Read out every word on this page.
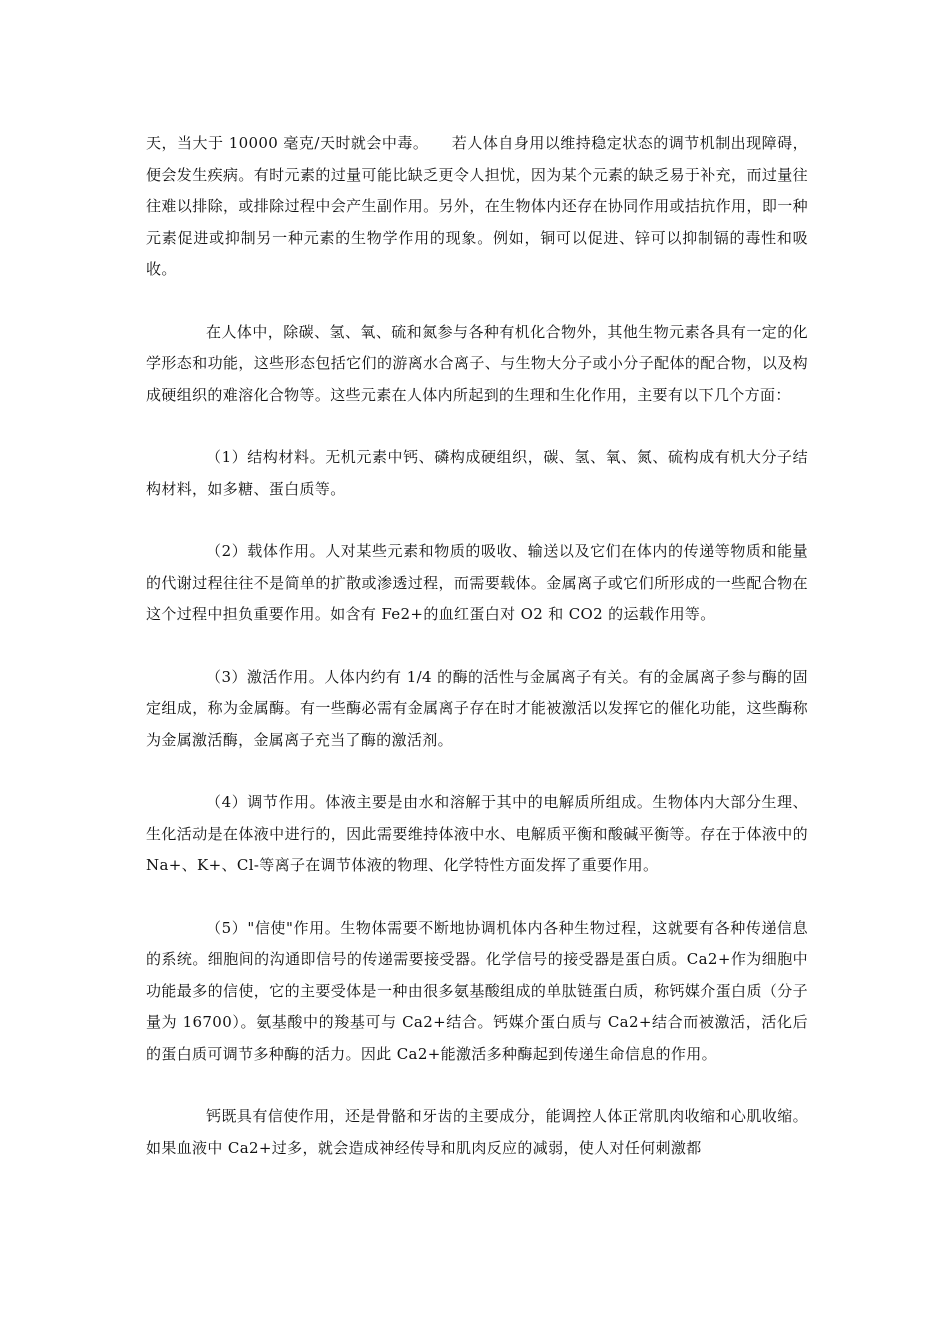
天，当大于 10000 毫克/天时就会中毒。　　若人体自身用以维持稳定状态的调节机制出现障碍，便会发生疾病。有时元素的过量可能比缺乏更令人担忧，因为某个元素的缺乏易于补充，而过量往往难以排除，或排除过程中会产生副作用。另外，在生物体内还存在协同作用或拮抗作用，即一种元素促进或抑制另一种元素的生物学作用的现象。例如，铜可以促进、锌可以抑制镉的毒性和吸收。

在人体中，除碳、氢、氧、硫和氮参与各种有机化合物外，其他生物元素各具有一定的化学形态和功能，这些形态包括它们的游离水合离子、与生物大分子或小分子配体的配合物，以及构成硬组织的难溶化合物等。这些元素在人体内所起到的生理和生化作用，主要有以下几个方面：

（1）结构材料。无机元素中钙、磷构成硬组织，碳、氢、氧、氮、硫构成有机大分子结构材料，如多糖、蛋白质等。

（2）载体作用。人对某些元素和物质的吸收、输送以及它们在体内的传递等物质和能量的代谢过程往往不是简单的扩散或渗透过程，而需要载体。金属离子或它们所形成的一些配合物在这个过程中担负重要作用。如含有 Fe2+的血红蛋白对 O2 和 CO2 的运载作用等。

（3）激活作用。人体内约有 1/4 的酶的活性与金属离子有关。有的金属离子参与酶的固定组成，称为金属酶。有一些酶必需有金属离子存在时才能被激活以发挥它的催化功能，这些酶称为金属激活酶，金属离子充当了酶的激活剂。

（4）调节作用。体液主要是由水和溶解于其中的电解质所组成。生物体内大部分生理、生化活动是在体液中进行的，因此需要维持体液中水、电解质平衡和酸碱平衡等。存在于体液中的 Na+、K+、Cl-等离子在调节体液的物理、化学特性方面发挥了重要作用。

（5）"信使"作用。生物体需要不断地协调机体内各种生物过程，这就要有各种传递信息的系统。细胞间的沟通即信号的传递需要接受器。化学信号的接受器是蛋白质。Ca2+作为细胞中功能最多的信使，它的主要受体是一种由很多氨基酸组成的单肽链蛋白质，称钙媒介蛋白质（分子量为 16700）。氨基酸中的羧基可与 Ca2+结合。钙媒介蛋白质与 Ca2+结合而被激活，活化后的蛋白质可调节多种酶的活力。因此 Ca2+能激活多种酶起到传递生命信息的作用。

钙既具有信使作用，还是骨骼和牙齿的主要成分，能调控人体正常肌肉收缩和心肌收缩。如果血液中 Ca2+过多，就会造成神经传导和肌肉反应的减弱，使人对任何刺激都
